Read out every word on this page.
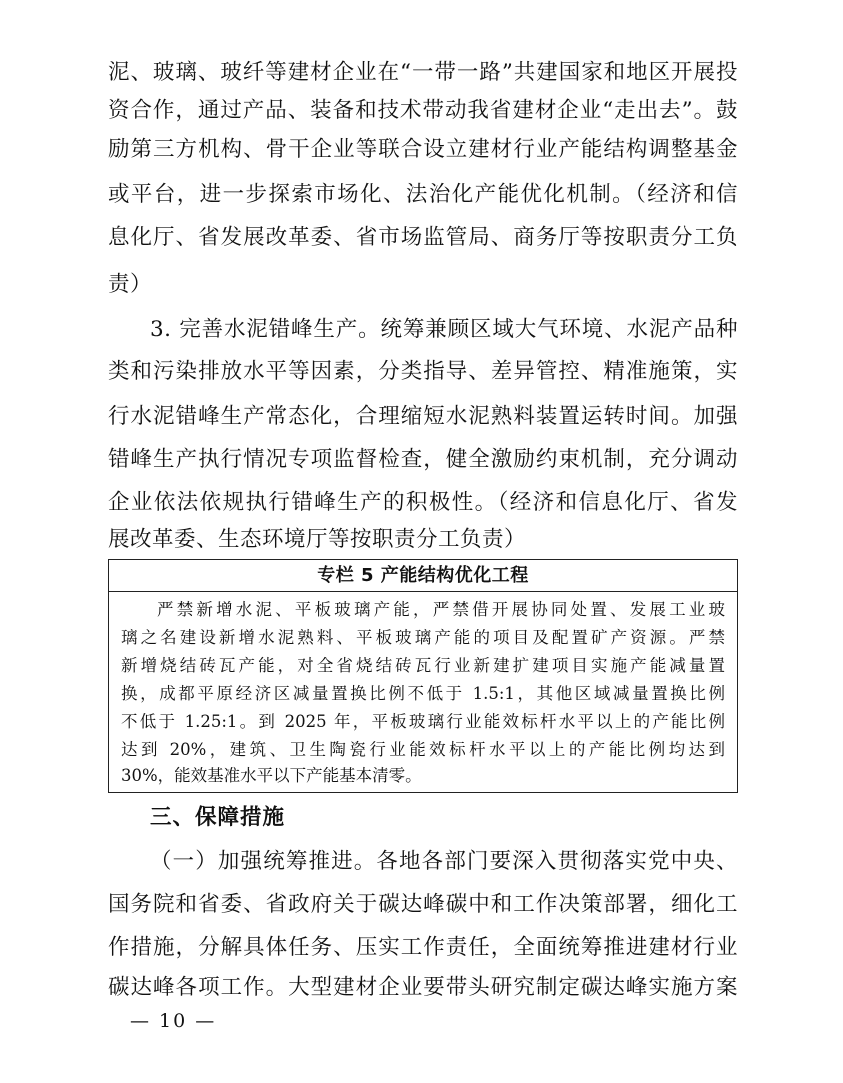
泥、玻璃、玻纤等建材企业在“一带一路”共建国家和地区开展投
资合作，通过产品、装备和技术带动我省建材企业“走出去”。鼓
励第三方机构、骨干企业等联合设立建材行业产能结构调整基金
或平台，进一步探索市场化、法治化产能优化机制。（经济和信
息化厅、省发展改革委、省市场监管局、商务厅等按职责分工负
责）
3. 完善水泥错峰生产。统筹兼顾区域大气环境、水泥产品种
类和污染排放水平等因素，分类指导、差异管控、精准施策，实
行水泥错峰生产常态化，合理缩短水泥熟料装置运转时间。加强
错峰生产执行情况专项监督检查，健全激励约束机制，充分调动
企业依法依规执行错峰生产的积极性。（经济和信息化厅、省发
展改革委、生态环境厅等按职责分工负责）
专栏 5 产能结构优化工程
严禁新增水泥、平板玻璃产能，严禁借开展协同处置、发展工业玻
璃之名建设新增水泥熟料、平板玻璃产能的项目及配置矿产资源。严禁
新增烧结砖瓦产能，对全省烧结砖瓦行业新建扩建项目实施产能减量置
换，成都平原经济区减量置换比例不低于 1.5:1，其他区域减量置换比例
不低于 1.25:1。到 2025 年，平板玻璃行业能效标杆水平以上的产能比例
达到 20%，建筑、卫生陶瓷行业能效标杆水平以上的产能比例均达到
30%，能效基准水平以下产能基本清零。
三、保障措施
（一）加强统筹推进。各地各部门要深入贯彻落实党中央、
国务院和省委、省政府关于碳达峰碳中和工作决策部署，细化工
作措施，分解具体任务、压实工作责任，全面统筹推进建材行业
碳达峰各项工作。大型建材企业要带头研究制定碳达峰实施方案
— 10 —
